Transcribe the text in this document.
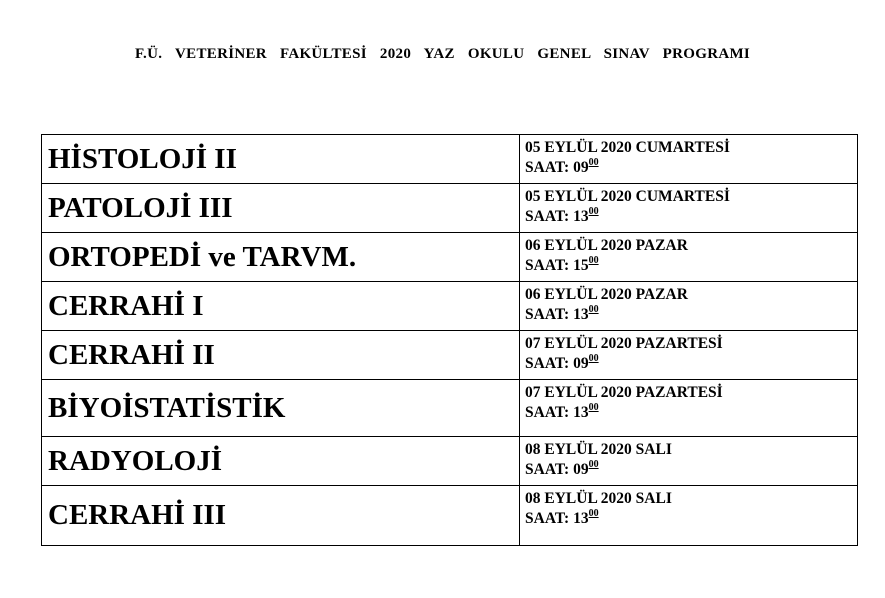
F.Ü. VETERİNER FAKÜLTESİ 2020 YAZ OKULU GENEL SINAV PROGRAMI
HİSTOLOJİ II	05 EYLÜL 2020 CUMARTESİ
SAAT: $09^{00}$

PATOLOJİ III	05 EYLÜL 2020 CUMARTESİ
SAAT: $13^{00}$

ORTOPEDİ ve TARVM.	06 EYLÜL 2020 PAZAR
SAAT: $15^{00}$

CERRAHİ I	06 EYLÜL 2020 PAZAR
SAAT: $13^{00}$

CERRAHİ II	07 EYLÜL 2020 PAZARTESİ
SAAT: $09^{00}$

BİYOİSTATİSTİK	07 EYLÜL 2020 PAZARTESİ
SAAT: $13^{00}$

RADYOLOJİ	08 EYLÜL 2020 SALI
SAAT: $09^{00}$

CERRAHİ III	08 EYLÜL 2020 SALI
SAAT: $13^{00}$
